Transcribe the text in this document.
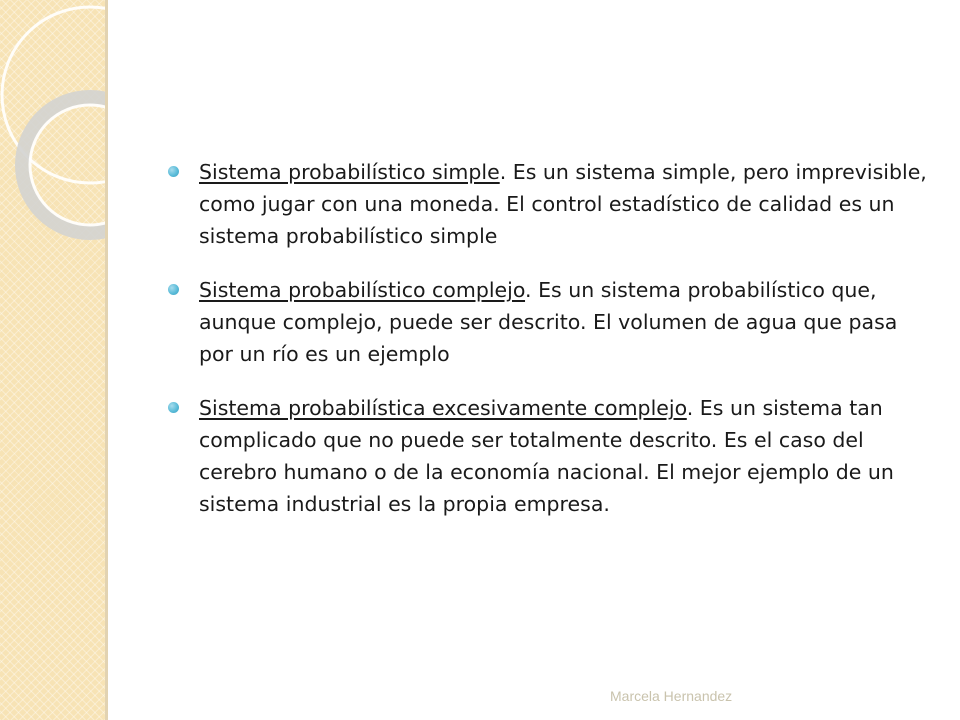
Sistema probabilístico simple. Es un sistema simple, pero imprevisible, como jugar con una moneda. El control estadístico de calidad es un sistema probabilístico simple
Sistema probabilístico complejo. Es un sistema probabilístico que, aunque complejo, puede ser descrito. El volumen de agua que pasa por un río es un ejemplo
Sistema probabilística excesivamente complejo. Es un sistema tan complicado que no puede ser totalmente descrito. Es el caso del cerebro humano o de la economía nacional. El mejor ejemplo de un sistema industrial es la propia empresa.
Marcela Hernandez
